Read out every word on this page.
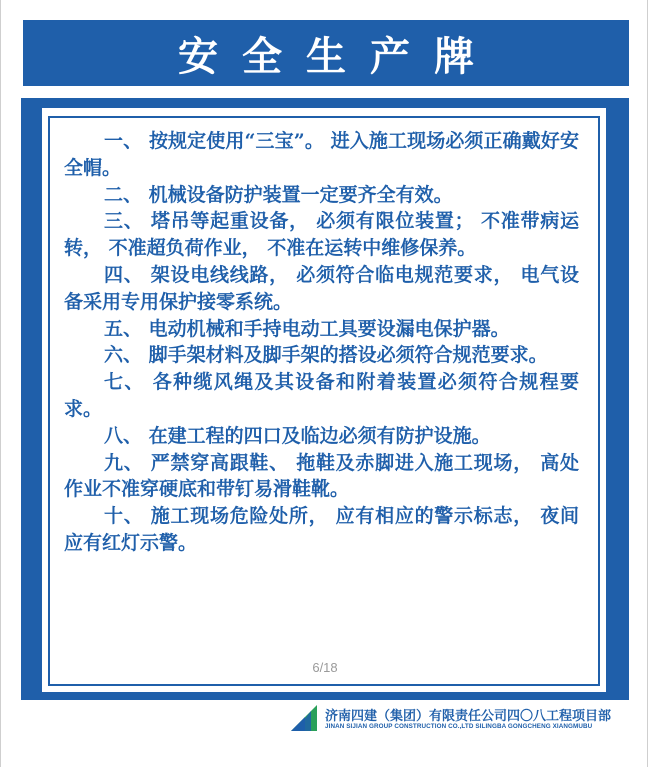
安全生产牌

一、 按规定使用“三宝”。 进入施工现场必须正确戴好安全帽。

二、 机械设备防护装置一定要齐全有效。

三、 塔吊等起重设备， 必须有限位装置； 不准带病运转， 不准超负荷作业， 不准在运转中维修保养。

四、 架设电线线路， 必须符合临电规范要求， 电气设备采用专用保护接零系统。

五、 电动机械和手持电动工具要设漏电保护器。

六、 脚手架材料及脚手架的搭设必须符合规范要求。

七、 各种缆风绳及其设备和附着装置必须符合规程要求。

八、 在建工程的四口及临边必须有防护设施。

九、 严禁穿高跟鞋、 拖鞋及赤脚进入施工现场， 高处作业不准穿硬底和带钉易滑鞋靴。

十、 施工现场危险处所， 应有相应的警示标志， 夜间应有红灯示警。

6/18
济南四建（集团）有限责任公司四〇八工程项目部
JINAN SIJIAN GROUP CONSTRUCTION CO.,LTD SILINGBA GONGCHENG XIANGMUBU
